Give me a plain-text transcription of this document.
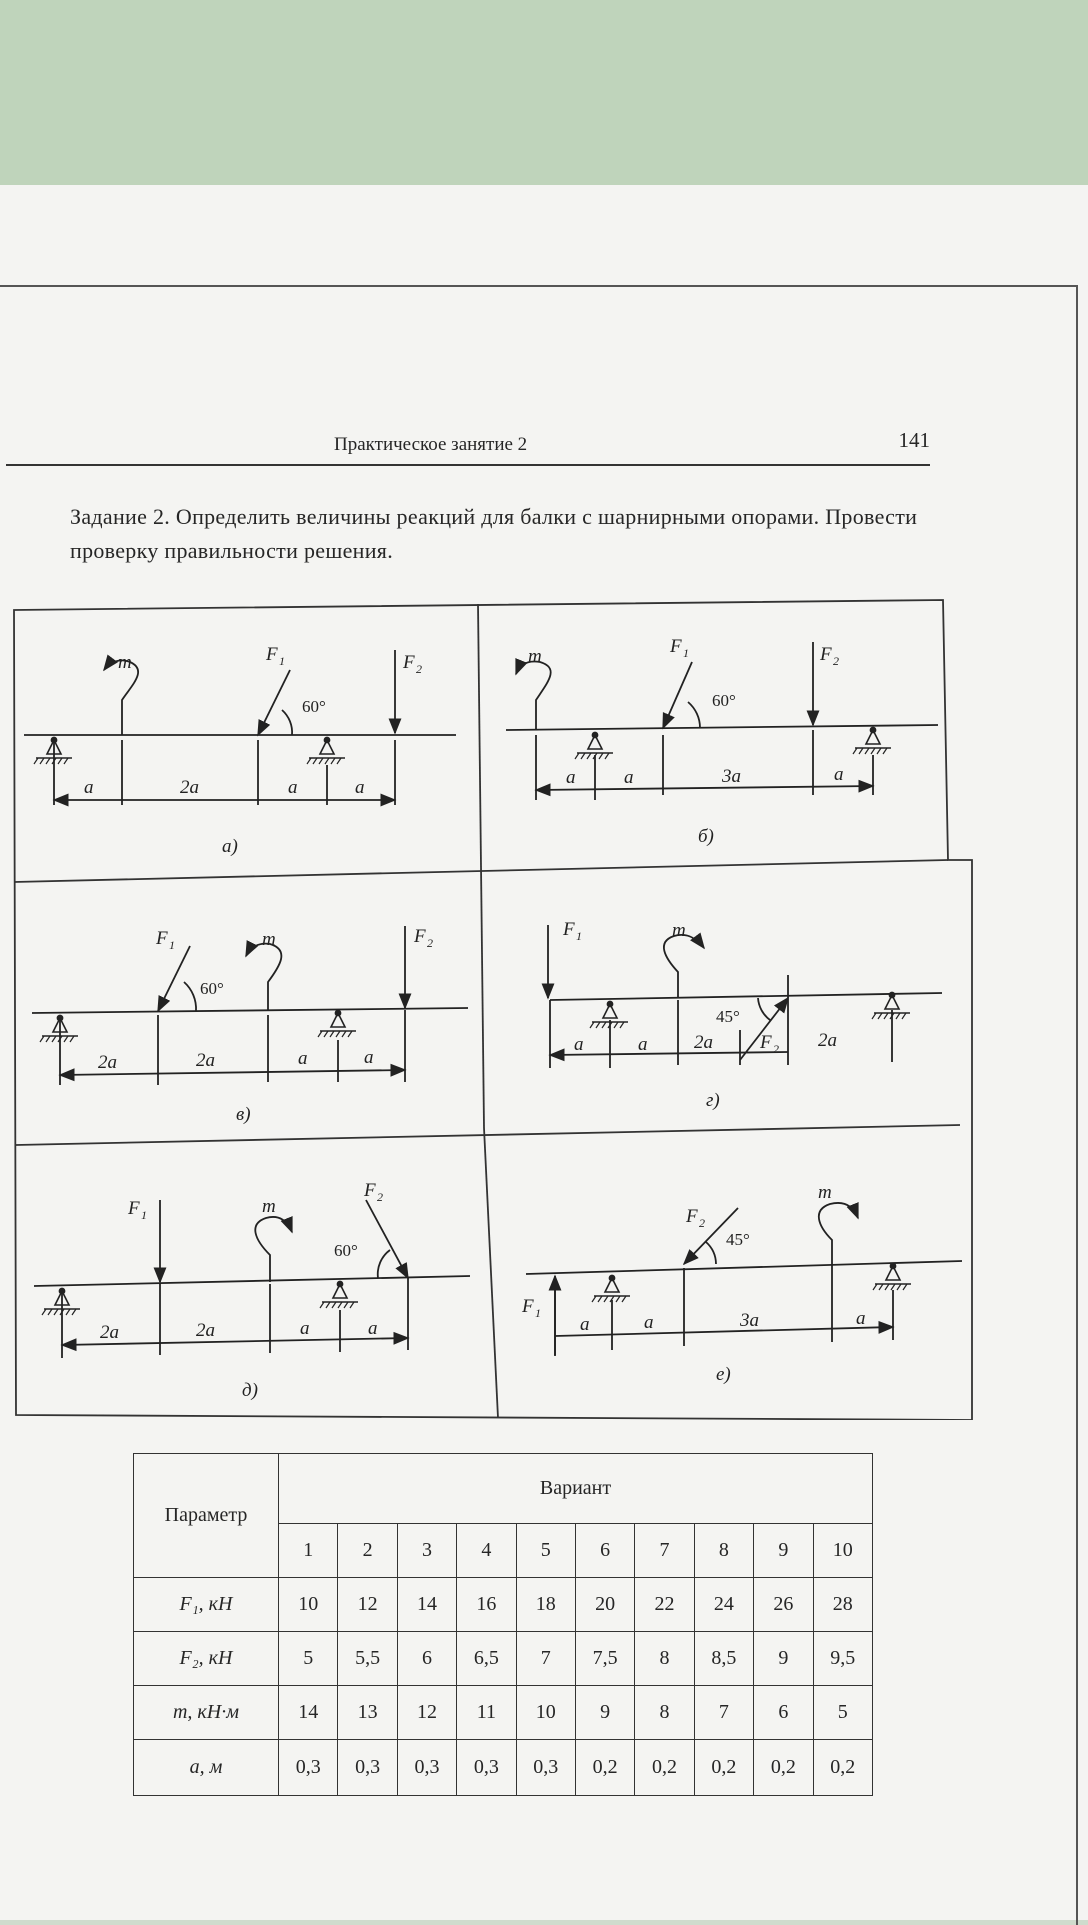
Практическое занятие 2	141
Задание 2. Определить величины реакций для балки с шарнирными опорами. Провести проверку правильности решения.
m	F 1	F 2
60°
a	2a	a	a
а)
m	F 1	F 2
60°
a	a	3a	a
б)
F 1
60°
m	F 2
2a	2a	a	a
в)
F 1	m
45°
F 2
a	a 2a	2a
г)
F 1	m
F 2
60°
2a	2a	a	a
д)
F 2
45°
m
F 1
a	a	3a	a
е)
Параметр	Вариант									
	1	2	3	4	5	6	7	8	9	10
F₁, кН	10	12	14	16	18	20	22	24	26	28
F₂, кН	5	5,5	6	6,5	7	7,5	8	8,5	9	9,5
m, кН·м	14	13	12	11	10	9	8	7	6	5
a, м	0,3	0,3	0,3	0,3	0,3	0,2	0,2	0,2	0,2	0,2
